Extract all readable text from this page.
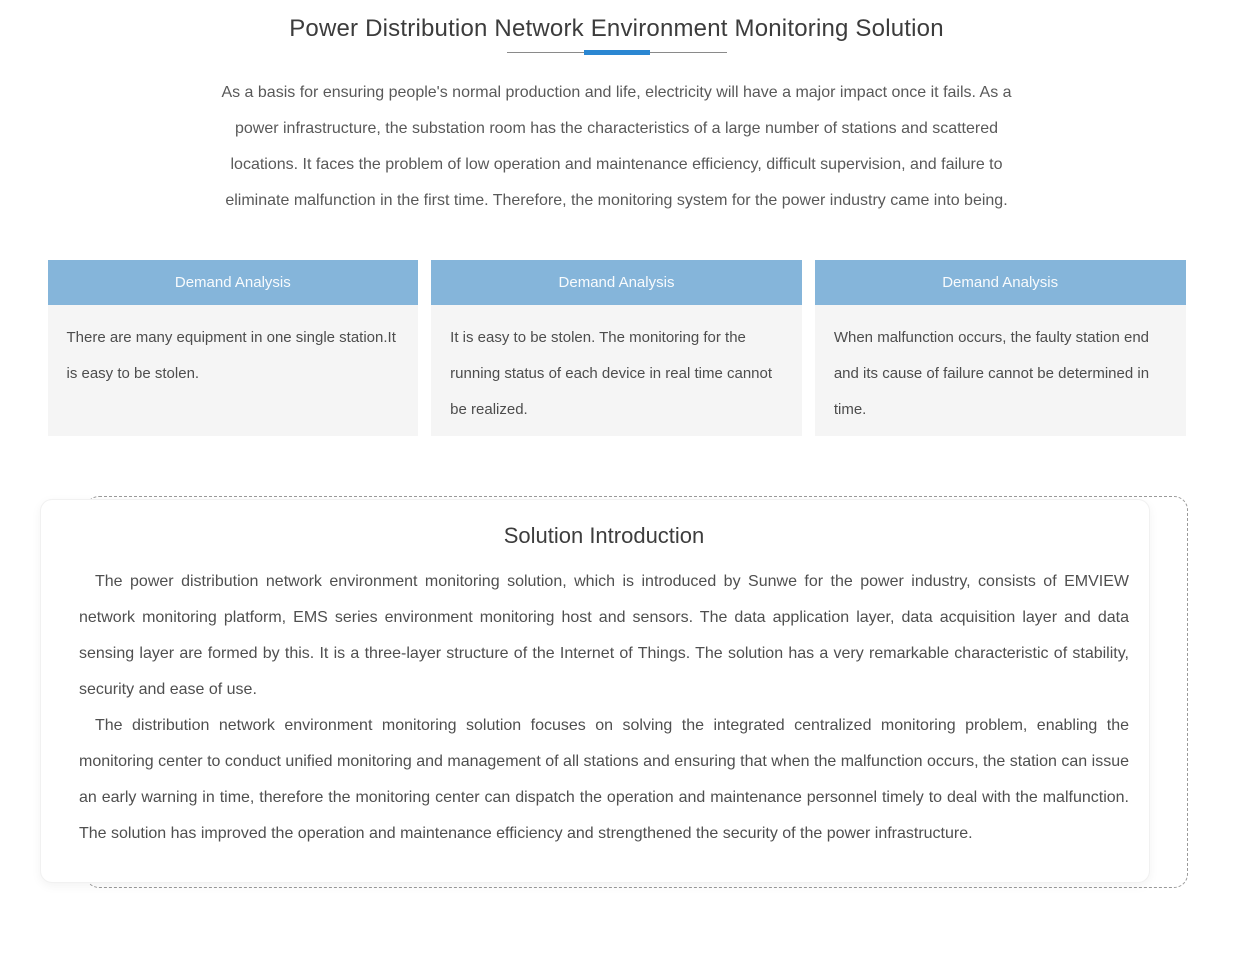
Power Distribution Network Environment Monitoring Solution

As a basis for ensuring people's normal production and life, electricity will have a major impact once it fails. As a power infrastructure, the substation room has the characteristics of a large number of stations and scattered locations. It faces the problem of low operation and maintenance efficiency, difficult supervision, and failure to eliminate malfunction in the first time. Therefore, the monitoring system for the power industry came into being.

Demand Analysis
There are many equipment in one single station.It is easy to be stolen.
Demand Analysis
It is easy to be stolen. The monitoring for the running status of each device in real time cannot be realized.
Demand Analysis
When malfunction occurs, the faulty station end and its cause of failure cannot be determined in time.
Solution Introduction

The power distribution network environment monitoring solution, which is introduced by Sunwe for the power industry, consists of EMVIEW network monitoring platform, EMS series environment monitoring host and sensors. The data application layer, data acquisition layer and data sensing layer are formed by this. It is a three-layer structure of the Internet of Things. The solution has a very remarkable characteristic of stability, security and ease of use.

The distribution network environment monitoring solution focuses on solving the integrated centralized monitoring problem, enabling the monitoring center to conduct unified monitoring and management of all stations and ensuring that when the malfunction occurs, the station can issue an early warning in time, therefore the monitoring center can dispatch the operation and maintenance personnel timely to deal with the malfunction. The solution has improved the operation and maintenance efficiency and strengthened the security of the power infrastructure.
